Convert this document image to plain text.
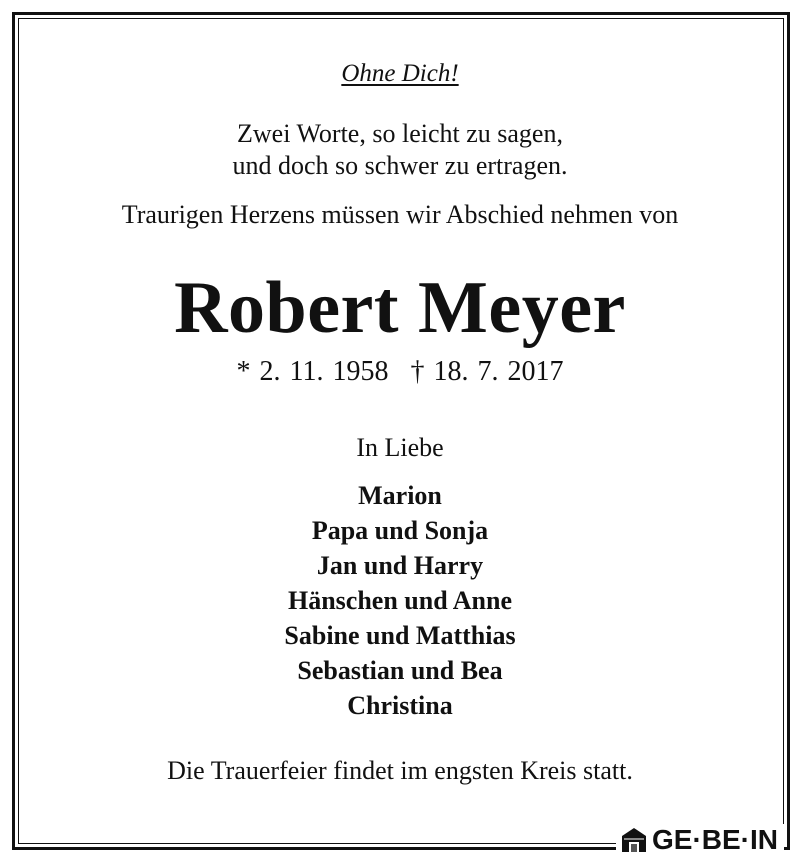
Ohne Dich!
Zwei Worte, so leicht zu sagen,
und doch so schwer zu ertragen.
Traurigen Herzens müssen wir Abschied nehmen von
Robert Meyer
* 2. 11. 1958 † 18. 7. 2017
In Liebe
Marion
Papa und Sonja
Jan und Harry
Hänschen und Anne
Sabine und Matthias
Sebastian und Bea
Christina
Die Trauerfeier findet im engsten Kreis statt.
GE·BE·IN
